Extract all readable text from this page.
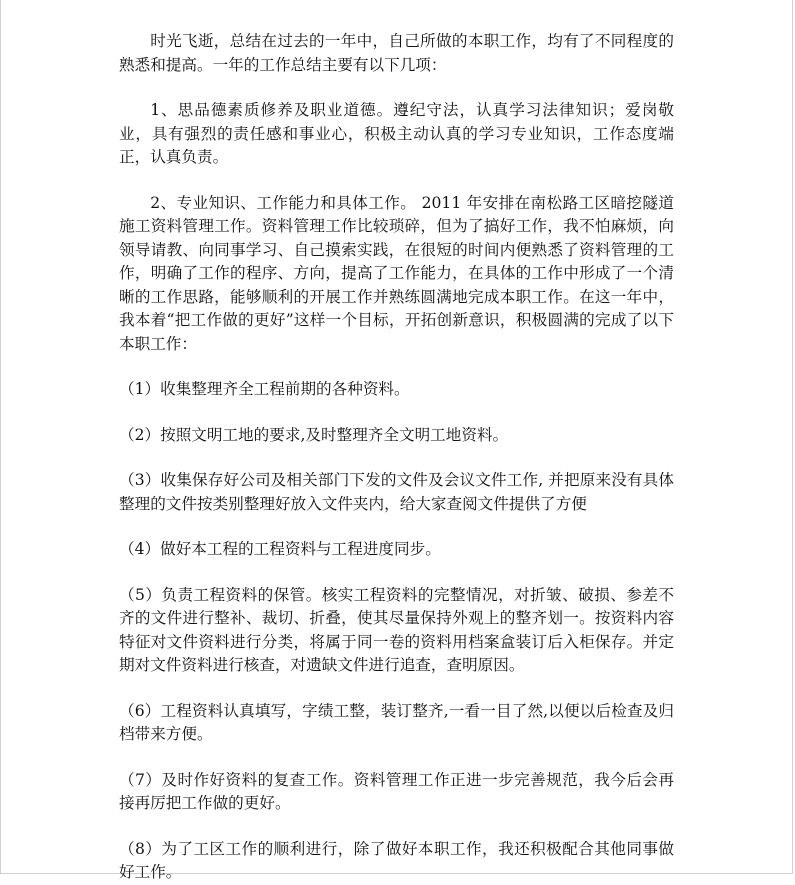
时光飞逝，总结在过去的一年中，自己所做的本职工作，均有了不同程度的熟悉和提高。一年的工作总结主要有以下几项：

1、思品德素质修养及职业道德。遵纪守法，认真学习法律知识；爱岗敬业，具有强烈的责任感和事业心，积极主动认真的学习专业知识，工作态度端正，认真负责。

2、专业知识、工作能力和具体工作。 2011 年安排在南松路工区暗挖隧道施工资料管理工作。资料管理工作比较琐碎，但为了搞好工作，我不怕麻烦，向领导请教、向同事学习、自己摸索实践，在很短的时间内便熟悉了资料管理的工作，明确了工作的程序、方向，提高了工作能力，在具体的工作中形成了一个清晰的工作思路，能够顺利的开展工作并熟练圆满地完成本职工作。在这一年中，我本着“把工作做的更好”这样一个目标，开拓创新意识，积极圆满的完成了以下本职工作：

（1）收集整理齐全工程前期的各种资料。

（2）按照文明工地的要求,及时整理齐全文明工地资料。

（3）收集保存好公司及相关部门下发的文件及会议文件工作, 并把原来没有具体整理的文件按类别整理好放入文件夹内，给大家查阅文件提供了方便

（4）做好本工程的工程资料与工程进度同步。

（5）负责工程资料的保管。核实工程资料的完整情况，对折皱、破损、参差不齐的文件进行整补、裁切、折叠，使其尽量保持外观上的整齐划一。按资料内容特征对文件资料进行分类，将属于同一卷的资料用档案盒装订后入柜保存。并定期对文件资料进行核查，对遗缺文件进行追查，查明原因。

（6）工程资料认真填写，字绩工整，装订整齐,一看一目了然,以便以后检查及归档带来方便。

（7）及时作好资料的复查工作。资料管理工作正进一步完善规范，我今后会再接再厉把工作做的更好。

（8）为了工区工作的顺利进行，除了做好本职工作，我还积极配合其他同事做好工作。
